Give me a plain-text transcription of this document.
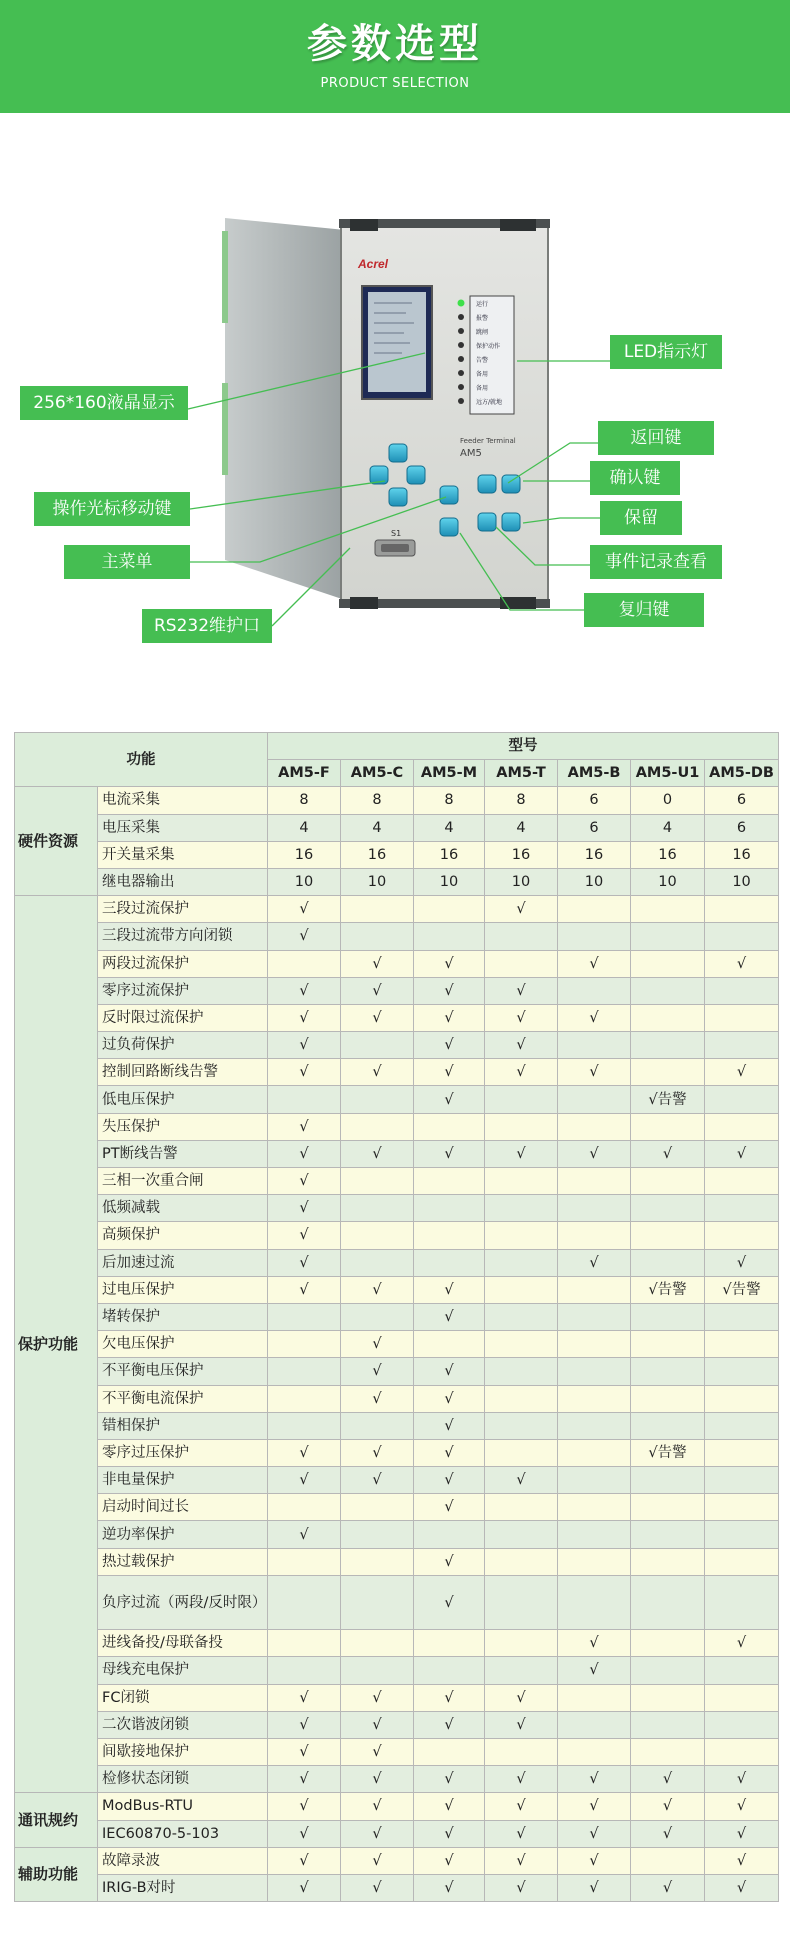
参数选型
PRODUCT SELECTION
Acrel
运行
报警
跳闸
保护动作
告警
备用
备用
远方/就地
Feeder Terminal
AM5
S1
LED指示灯
256*160液晶显示
返回键
确认键
操作光标移动键	保留
主菜单	事件记录查看
复归键
RS232维护口
功能		型号						
		AM5-F	AM5-C	AM5-M	AM5-T	AM5-B	AM5-U1	AM5-DB
硬件资源	电流采集	8	8	8	8	6	0	6
	电压采集	4	4	4	4	6	4	6
	开关量采集	16	16	16	16	16	16	16
	继电器输出	10	10	10	10	10	10	10
保护功能	三段过流保护	√			√			
	三段过流带方向闭锁	√						
	两段过流保护		√	√		√		√
	零序过流保护	√	√	√	√			
	反时限过流保护	√	√	√	√	√		
	过负荷保护	√		√	√			
	控制回路断线告警	√	√	√	√	√		√
	低电压保护			√			√告警	
	失压保护	√						
	PT断线告警	√	√	√	√	√	√	√
	三相一次重合闸	√						
	低频减载	√						
	高频保护	√						
	后加速过流	√				√		√
	过电压保护	√	√	√			√告警	√告警
	堵转保护			√				
	欠电压保护		√					
	不平衡电压保护		√	√				
	不平衡电流保护		√	√				
	错相保护			√				
	零序过压保护	√	√	√			√告警	
	非电量保护	√	√	√	√			
	启动时间过长			√				
	逆功率保护	√						
	热过载保护			√				
	负序过流（两段/反时限）			√				
	进线备投/母联备投					√		√
	母线充电保护					√		
	FC闭锁	√	√	√	√			
	二次谐波闭锁	√	√	√	√			
	间歇接地保护	√	√					
	检修状态闭锁	√	√	√	√	√	√	√
通讯规约	ModBus-RTU	√	√	√	√	√	√	√
	IEC60870-5-103	√	√	√	√	√	√	√
辅助功能	故障录波	√	√	√	√	√		√
	IRIG-B对时	√	√	√	√	√	√	√
